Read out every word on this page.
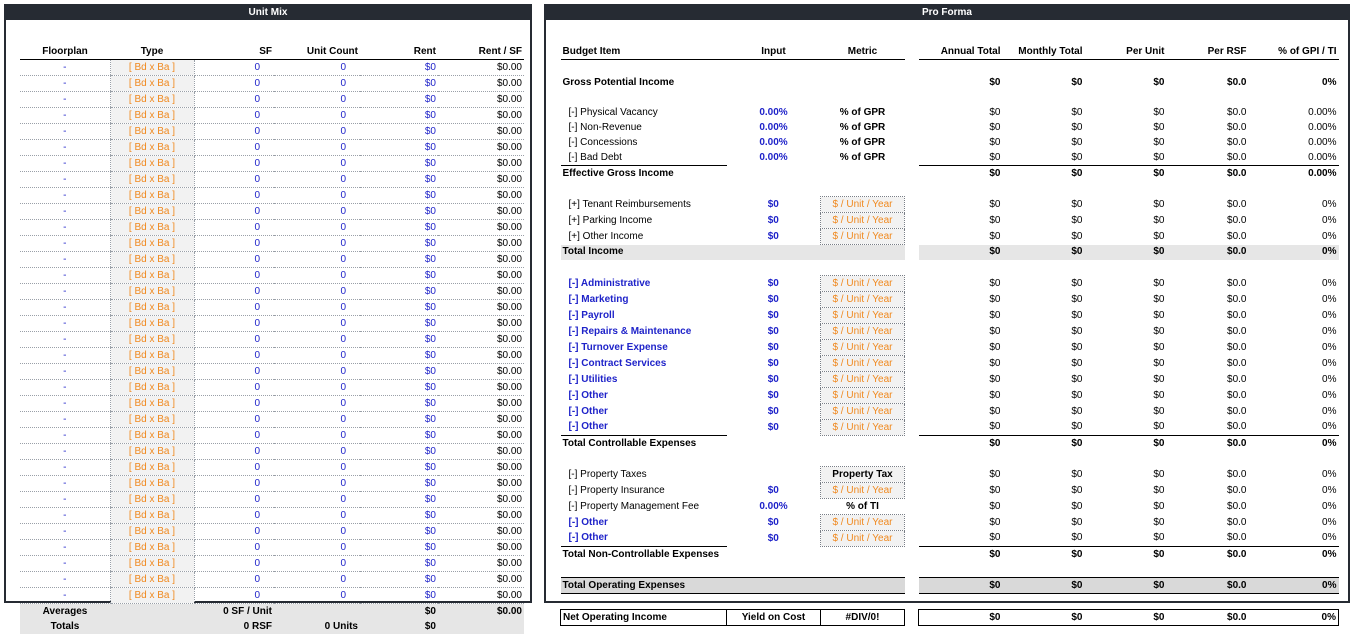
Unit Mix
Floorplan	Type	SF	Unit Count	Rent	Rent / SF
-	[ Bd x Ba ]	0	0	$0	$0.00
-	[ Bd x Ba ]	0	0	$0	$0.00
-	[ Bd x Ba ]	0	0	$0	$0.00
-	[ Bd x Ba ]	0	0	$0	$0.00
-	[ Bd x Ba ]	0	0	$0	$0.00
-	[ Bd x Ba ]	0	0	$0	$0.00
-	[ Bd x Ba ]	0	0	$0	$0.00
-	[ Bd x Ba ]	0	0	$0	$0.00
-	[ Bd x Ba ]	0	0	$0	$0.00
-	[ Bd x Ba ]	0	0	$0	$0.00
-	[ Bd x Ba ]	0	0	$0	$0.00
-	[ Bd x Ba ]	0	0	$0	$0.00
-	[ Bd x Ba ]	0	0	$0	$0.00
-	[ Bd x Ba ]	0	0	$0	$0.00
-	[ Bd x Ba ]	0	0	$0	$0.00
-	[ Bd x Ba ]	0	0	$0	$0.00
-	[ Bd x Ba ]	0	0	$0	$0.00
-	[ Bd x Ba ]	0	0	$0	$0.00
-	[ Bd x Ba ]	0	0	$0	$0.00
-	[ Bd x Ba ]	0	0	$0	$0.00
-	[ Bd x Ba ]	0	0	$0	$0.00
-	[ Bd x Ba ]	0	0	$0	$0.00
-	[ Bd x Ba ]	0	0	$0	$0.00
-	[ Bd x Ba ]	0	0	$0	$0.00
-	[ Bd x Ba ]	0	0	$0	$0.00
-	[ Bd x Ba ]	0	0	$0	$0.00
-	[ Bd x Ba ]	0	0	$0	$0.00
-	[ Bd x Ba ]	0	0	$0	$0.00
-	[ Bd x Ba ]	0	0	$0	$0.00
-	[ Bd x Ba ]	0	0	$0	$0.00
-	[ Bd x Ba ]	0	0	$0	$0.00
-	[ Bd x Ba ]	0	0	$0	$0.00
-	[ Bd x Ba ]	0	0	$0	$0.00
-	[ Bd x Ba ]	0	0	$0	$0.00
Averages		0 SF / Unit		$0	$0.00
Totals		0 RSF	0 Units	$0	
Pro Forma
Budget Item	Input	Metric		Annual Total	Monthly Total	Per Unit	Per RSF	% of GPI / TI

Gross Potential Income				$0	$0	$0	$0.0	0%

[-] Physical Vacancy	0.00%	% of GPR		$0	$0	$0	$0.0	0.00%
[-] Non-Revenue	0.00%	% of GPR		$0	$0	$0	$0.0	0.00%
[-] Concessions	0.00%	% of GPR		$0	$0	$0	$0.0	0.00%
[-] Bad Debt	0.00%	% of GPR		$0	$0	$0	$0.0	0.00%
Effective Gross Income				$0	$0	$0	$0.0	0.00%

[+] Tenant Reimbursements	$0	$ / Unit / Year		$0	$0	$0	$0.0	0%
[+] Parking Income	$0	$ / Unit / Year		$0	$0	$0	$0.0	0%
[+] Other Income	$0	$ / Unit / Year		$0	$0	$0	$0.0	0%
Total Income				$0	$0	$0	$0.0	0%

[-] Administrative	$0	$ / Unit / Year		$0	$0	$0	$0.0	0%
[-] Marketing	$0	$ / Unit / Year		$0	$0	$0	$0.0	0%
[-] Payroll	$0	$ / Unit / Year		$0	$0	$0	$0.0	0%
[-] Repairs & Maintenance	$0	$ / Unit / Year		$0	$0	$0	$0.0	0%
[-] Turnover Expense	$0	$ / Unit / Year		$0	$0	$0	$0.0	0%
[-] Contract Services	$0	$ / Unit / Year		$0	$0	$0	$0.0	0%
[-] Utilities	$0	$ / Unit / Year		$0	$0	$0	$0.0	0%
[-] Other	$0	$ / Unit / Year		$0	$0	$0	$0.0	0%
[-] Other	$0	$ / Unit / Year		$0	$0	$0	$0.0	0%
[-] Other	$0	$ / Unit / Year		$0	$0	$0	$0.0	0%
Total Controllable Expenses				$0	$0	$0	$0.0	0%

[-] Property Taxes		Property Tax		$0	$0	$0	$0.0	0%
[-] Property Insurance	$0	$ / Unit / Year		$0	$0	$0	$0.0	0%
[-] Property Management Fee	0.00%	% of TI		$0	$0	$0	$0.0	0%
[-] Other	$0	$ / Unit / Year		$0	$0	$0	$0.0	0%
[-] Other	$0	$ / Unit / Year		$0	$0	$0	$0.0	0%
Total Non-Controllable Expenses				$0	$0	$0	$0.0	0%

Total Operating Expenses				$0	$0	$0	$0.0	0%

Net Operating Income	Yield on Cost	#DIV/0!		$0	$0	$0	$0.0	0%
